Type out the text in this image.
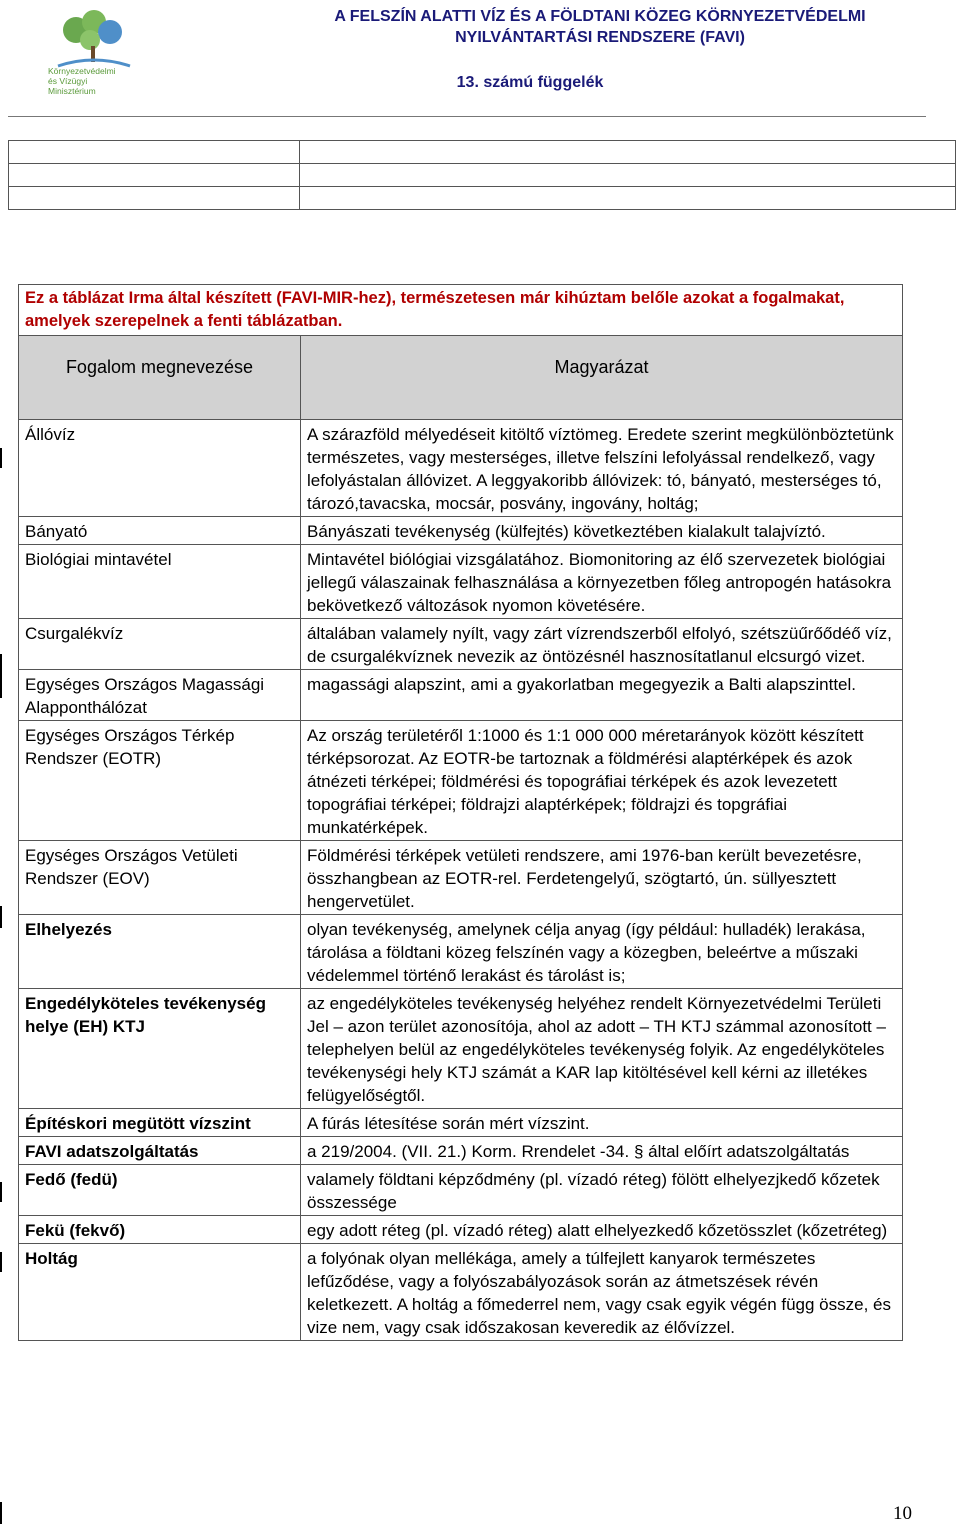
Környezetvédelmi
és Vízügyi
Minisztérium
A FELSZÍN ALATTI VÍZ ÉS A FÖLDTANI KÖZEG KÖRNYEZETVÉDELMI
NYILVÁNTARTÁSI RENDSZERE (FAVI)
13. számú függelék

Ez a táblázat Irma által készített (FAVI-MIR-hez), természetesen már kihúztam belőle azokat a fogalmakat, amelyek szerepelnek a fenti táblázatban.	
Fogalom megnevezése	Magyarázat
Állóvíz	A szárazföld mélyedéseit kitöltő víztömeg. Eredete szerint megkülönböztetünk természetes, vagy mesterséges, illetve felszíni lefolyással rendelkező, vagy lefolyástalan állóvizet. A leggyakoribb állóvizek: tó, bányató, mesterséges tó, tározó,tavacska, mocsár, posvány, ingovány, holtág;
Bányató	Bányászati tevékenység (külfejtés) következtében kialakult talajvíztó.
Biológiai mintavétel	Mintavétel biólógiai vizsgálatához. Biomonitoring az élő szervezetek biológiai jellegű válaszainak felhasználása a környezetben főleg antropogén hatásokra bekövetkező változások nyomon követésére.
Csurgalékvíz	általában valamely nyílt, vagy zárt vízrendszerből elfolyó, szétszüűrőődéő víz, de csurgalékvíznek nevezik az öntözésnél hasznosítatlanul elcsurgó vizet.
Egységes Országos Magassági Alapponthálózat	magassági alapszint, ami a gyakorlatban megegyezik a Balti alapszinttel.
Egységes Országos Térkép Rendszer (EOTR)	Az ország területéről 1:1000 és 1:1 000 000 méretarányok között készített térképsorozat. Az EOTR-be tartoznak a földmérési alaptérképek és azok átnézeti térképei; földmérési és topográfiai térképek és azok levezetett topográfiai térképei; földrajzi alaptérképek; földrajzi és topgráfiai munkatérképek.
Egységes Országos Vetületi Rendszer (EOV)	Földmérési térképek vetületi rendszere, ami 1976-ban került bevezetésre, összhangbean az EOTR-rel. Ferdetengelyű, szögtartó, ún. süllyesztett hengervetület.
Elhelyezés	olyan tevékenység, amelynek célja anyag (így például: hulladék) lerakása, tárolása a földtani közeg felszínén vagy a közegben, beleértve a műszaki védelemmel történő lerakást és tárolást is;
Engedélyköteles tevékenység helye (EH) KTJ	az engedélyköteles tevékenység helyéhez rendelt Környezetvédelmi Területi Jel – azon terület azonosítója, ahol az adott – TH KTJ számmal azonosított – telephelyen belül az engedélyköteles tevékenység folyik. Az engedélyköteles tevékenységi hely KTJ számát a KAR lap kitöltésével kell kérni az illetékes felügyelőségtől.
Építéskori megütött vízszint	A fúrás létesítése során mért vízszint.
FAVI adatszolgáltatás	a 219/2004. (VII. 21.) Korm. Rrendelet -34. § által előírt adatszolgáltatás
Fedő (fedü)	valamely földtani képződmény (pl. vízadó réteg) fölött elhelyezjkedő kőzetek összessége
Fekü (fekvő)	egy adott réteg (pl. vízadó réteg) alatt elhelyezkedő kőzetösszlet (kőzetréteg)
Holtág	a folyónak olyan mellékága, amely a túlfejlett kanyarok természetes lefűződése, vagy a folyószabályozások során az átmetszések révén keletkezett. A holtág a főmederrel nem, vagy csak egyik végén függ össze, és vize nem, vagy csak időszakosan keveredik az élővízzel.
10
